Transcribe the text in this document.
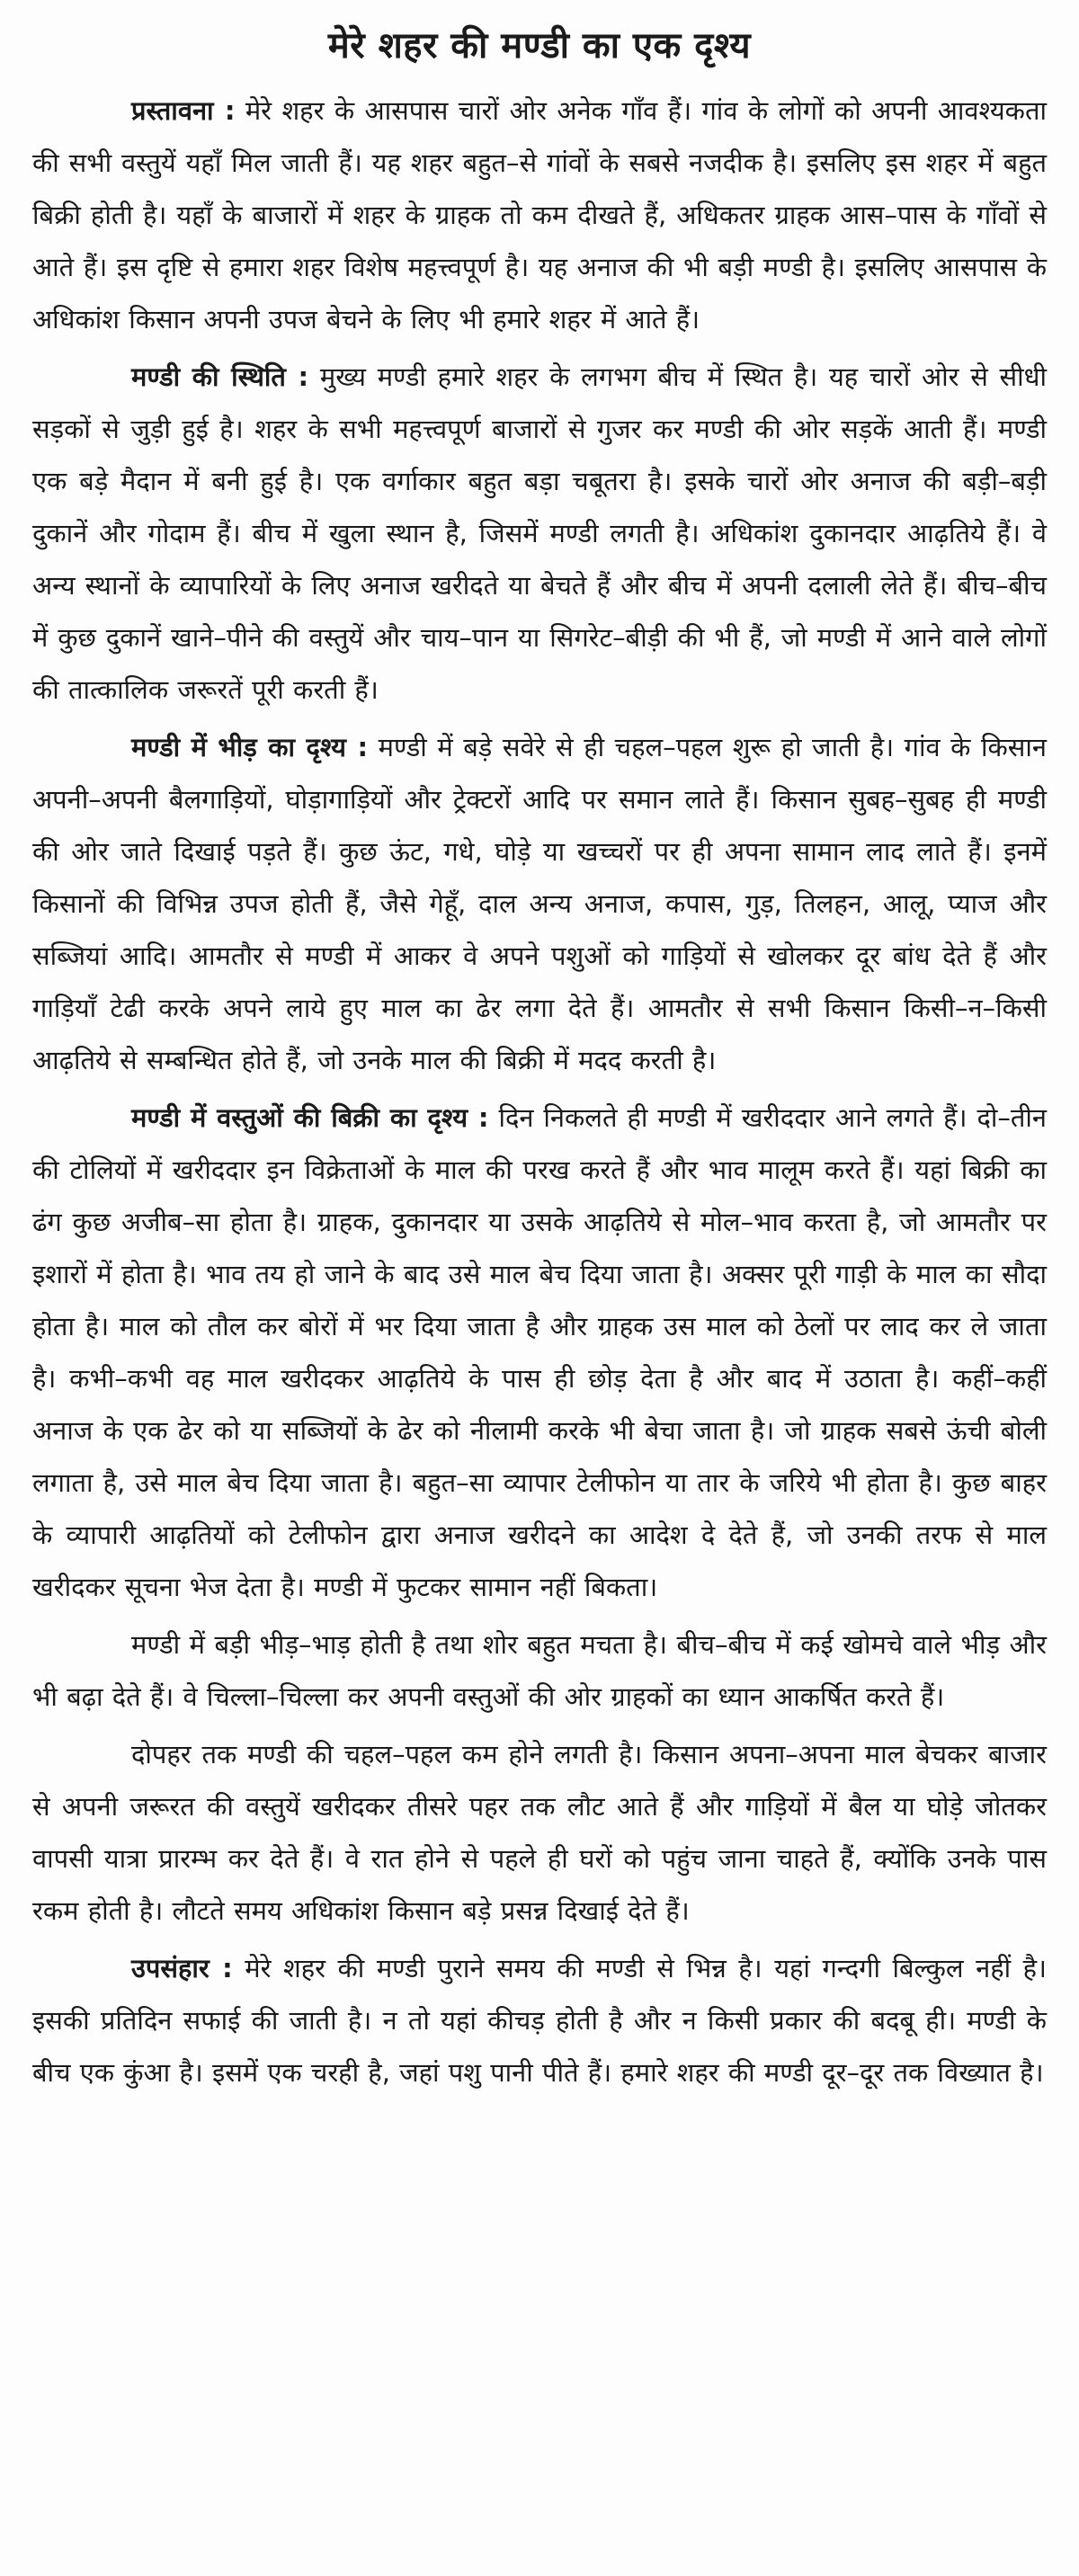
मेरे शहर की मण्डी का एक दृश्य

प्रस्तावना : मेरे शहर के आसपास चारों ओर अनेक गाँव हैं। गांव के लोगों को अपनी आवश्यकता की सभी वस्तुयें यहाँ मिल जाती हैं। यह शहर बहुत–से गांवों के सबसे नजदीक है। इसलिए इस शहर में बहुत बिक्री होती है। यहाँ के बाजारों में शहर के ग्राहक तो कम दीखते हैं, अधिकतर ग्राहक आस–पास के गाँवों से आते हैं। इस दृष्टि से हमारा शहर विशेष महत्त्वपूर्ण है। यह अनाज की भी बड़ी मण्डी है। इसलिए आसपास के अधिकांश किसान अपनी उपज बेचने के लिए भी हमारे शहर में आते हैं।

मण्डी की स्थिति : मुख्य मण्डी हमारे शहर के लगभग बीच में स्थित है। यह चारों ओर से सीधी सड़कों से जुड़ी हुई है। शहर के सभी महत्त्वपूर्ण बाजारों से गुजर कर मण्डी की ओर सड़कें आती हैं। मण्डी एक बड़े मैदान में बनी हुई है। एक वर्गाकार बहुत बड़ा चबूतरा है। इसके चारों ओर अनाज की बड़ी–बड़ी दुकानें और गोदाम हैं। बीच में खुला स्थान है, जिसमें मण्डी लगती है। अधिकांश दुकानदार आढ़तिये हैं। वे अन्य स्थानों के व्यापारियों के लिए अनाज खरीदते या बेचते हैं और बीच में अपनी दलाली लेते हैं। बीच–बीच में कुछ दुकानें खाने–पीने की वस्तुयें और चाय–पान या सिगरेट–बीड़ी की भी हैं, जो मण्डी में आने वाले लोगों की तात्कालिक जरूरतें पूरी करती हैं।

मण्डी में भीड़ का दृश्य : मण्डी में बड़े सवेरे से ही चहल–पहल शुरू हो जाती है। गांव के किसान अपनी–अपनी बैलगाड़ियों, घोड़ागाड़ियों और ट्रेक्टरों आदि पर समान लाते हैं। किसान सुबह–सुबह ही मण्डी की ओर जाते दिखाई पड़ते हैं। कुछ ऊंट, गधे, घोड़े या खच्चरों पर ही अपना सामान लाद लाते हैं। इनमें किसानों की विभिन्न उपज होती हैं, जैसे गेहूँ, दाल अन्य अनाज, कपास, गुड़, तिलहन, आलू, प्याज और सब्जियां आदि। आमतौर से मण्डी में आकर वे अपने पशुओं को गाड़ियों से खोलकर दूर बांध देते हैं और गाड़ियाँ टेढी करके अपने लाये हुए माल का ढेर लगा देते हैं। आमतौर से सभी किसान किसी–न–किसी आढ़तिये से सम्बन्धित होते हैं, जो उनके माल की बिक्री में मदद करती है।

मण्डी में वस्तुओं की बिक्री का दृश्य : दिन निकलते ही मण्डी में खरीददार आने लगते हैं। दो–तीन की टोलियों में खरीददार इन विक्रेताओं के माल की परख करते हैं और भाव मालूम करते हैं। यहां बिक्री का ढंग कुछ अजीब–सा होता है। ग्राहक, दुकानदार या उसके आढ़तिये से मोल–भाव करता है, जो आमतौर पर इशारों में होता है। भाव तय हो जाने के बाद उसे माल बेच दिया जाता है। अक्सर पूरी गाड़ी के माल का सौदा होता है। माल को तौल कर बोरों में भर दिया जाता है और ग्राहक उस माल को ठेलों पर लाद कर ले जाता है। कभी–कभी वह माल खरीदकर आढ़तिये के पास ही छोड़ देता है और बाद में उठाता है। कहीं–कहीं अनाज के एक ढेर को या सब्जियों के ढेर को नीलामी करके भी बेचा जाता है। जो ग्राहक सबसे ऊंची बोली लगाता है, उसे माल बेच दिया जाता है। बहुत–सा व्यापार टेलीफोन या तार के जरिये भी होता है। कुछ बाहर के व्यापारी आढ़तियों को टेलीफोन द्वारा अनाज खरीदने का आदेश दे देते हैं, जो उनकी तरफ से माल खरीदकर सूचना भेज देता है। मण्डी में फुटकर सामान नहीं बिकता।

मण्डी में बड़ी भीड़–भाड़ होती है तथा शोर बहुत मचता है। बीच–बीच में कई खोमचे वाले भीड़ और भी बढ़ा देते हैं। वे चिल्ला–चिल्ला कर अपनी वस्तुओं की ओर ग्राहकों का ध्यान आकर्षित करते हैं।

दोपहर तक मण्डी की चहल–पहल कम होने लगती है। किसान अपना–अपना माल बेचकर बाजार से अपनी जरूरत की वस्तुयें खरीदकर तीसरे पहर तक लौट आते हैं और गाड़ियों में बैल या घोड़े जोतकर वापसी यात्रा प्रारम्भ कर देते हैं। वे रात होने से पहले ही घरों को पहुंच जाना चाहते हैं, क्योंकि उनके पास रकम होती है। लौटते समय अधिकांश किसान बड़े प्रसन्न दिखाई देते हैं।

उपसंहार : मेरे शहर की मण्डी पुराने समय की मण्डी से भिन्न है। यहां गन्दगी बिल्कुल नहीं है। इसकी प्रतिदिन सफाई की जाती है। न तो यहां कीचड़ होती है और न किसी प्रकार की बदबू ही। मण्डी के बीच एक कुंआ है। इसमें एक चरही है, जहां पशु पानी पीते हैं। हमारे शहर की मण्डी दूर–दूर तक विख्यात है।
